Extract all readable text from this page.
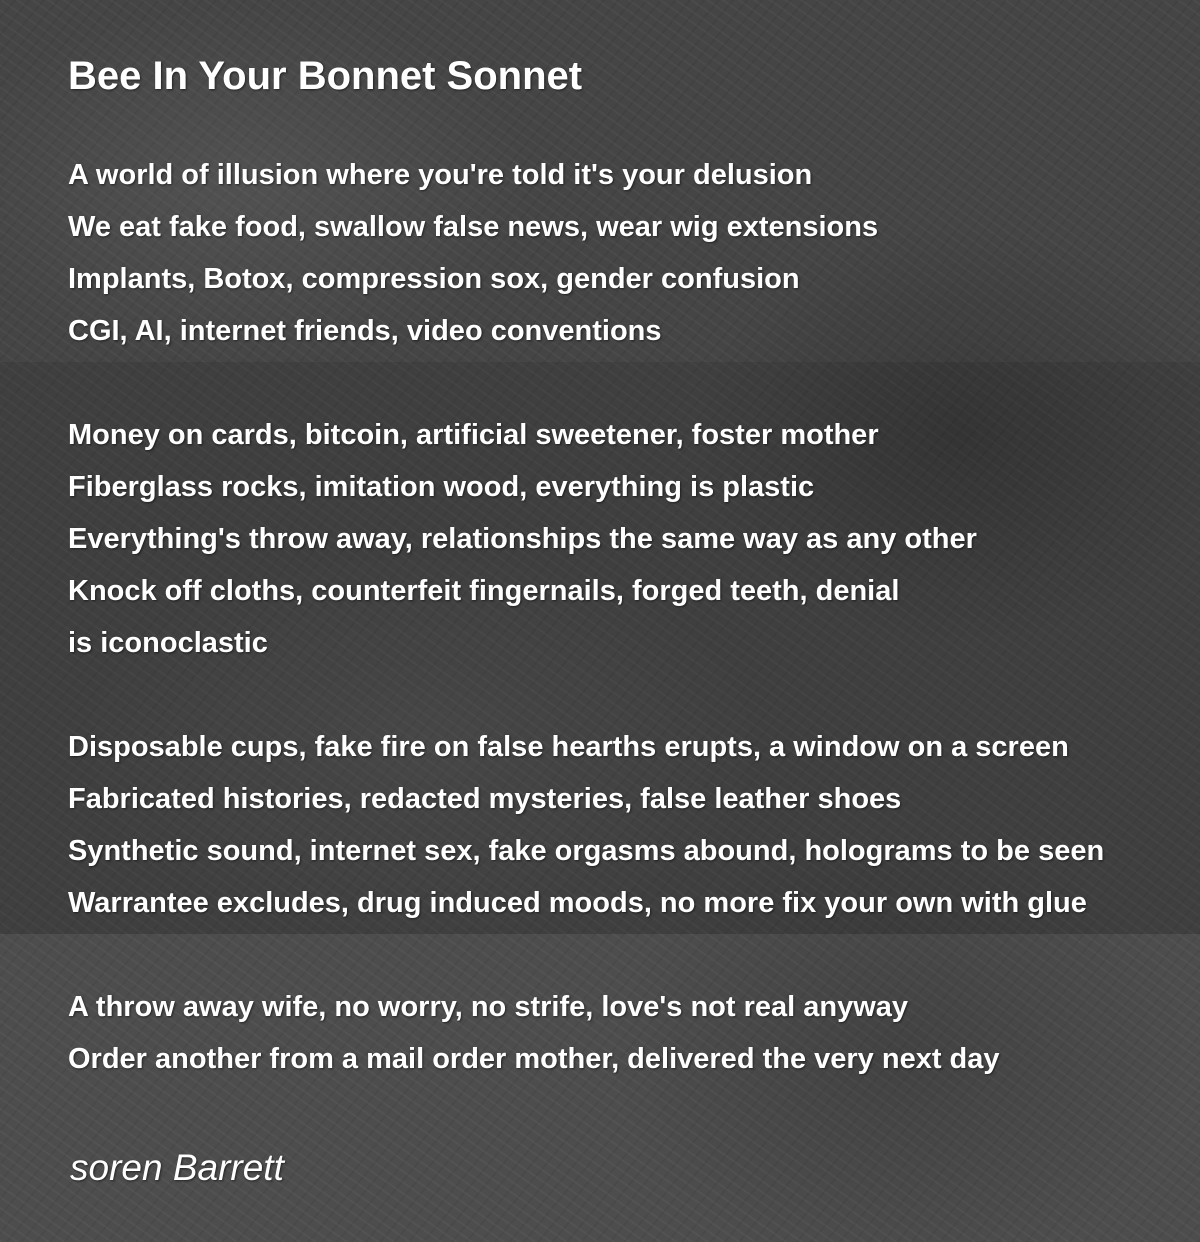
Bee In Your Bonnet Sonnet
A world of illusion where you're told it's your delusion
We eat fake food, swallow false news, wear wig extensions
Implants, Botox, compression sox, gender confusion
CGI, AI, internet friends, video conventions
Money on cards, bitcoin, artificial sweetener, foster mother
Fiberglass rocks, imitation wood, everything is plastic
Everything's throw away, relationships the same way as any other
Knock off cloths, counterfeit fingernails, forged teeth, denial
is iconoclastic
Disposable cups, fake fire on false hearths erupts, a window on a screen
Fabricated histories, redacted mysteries, false leather shoes
Synthetic sound, internet sex, fake orgasms abound, holograms to be seen
Warrantee excludes, drug induced moods, no more fix your own with glue
A throw away wife, no worry, no strife, love's not real anyway
Order another from a mail order mother, delivered the very next day
soren Barrett
